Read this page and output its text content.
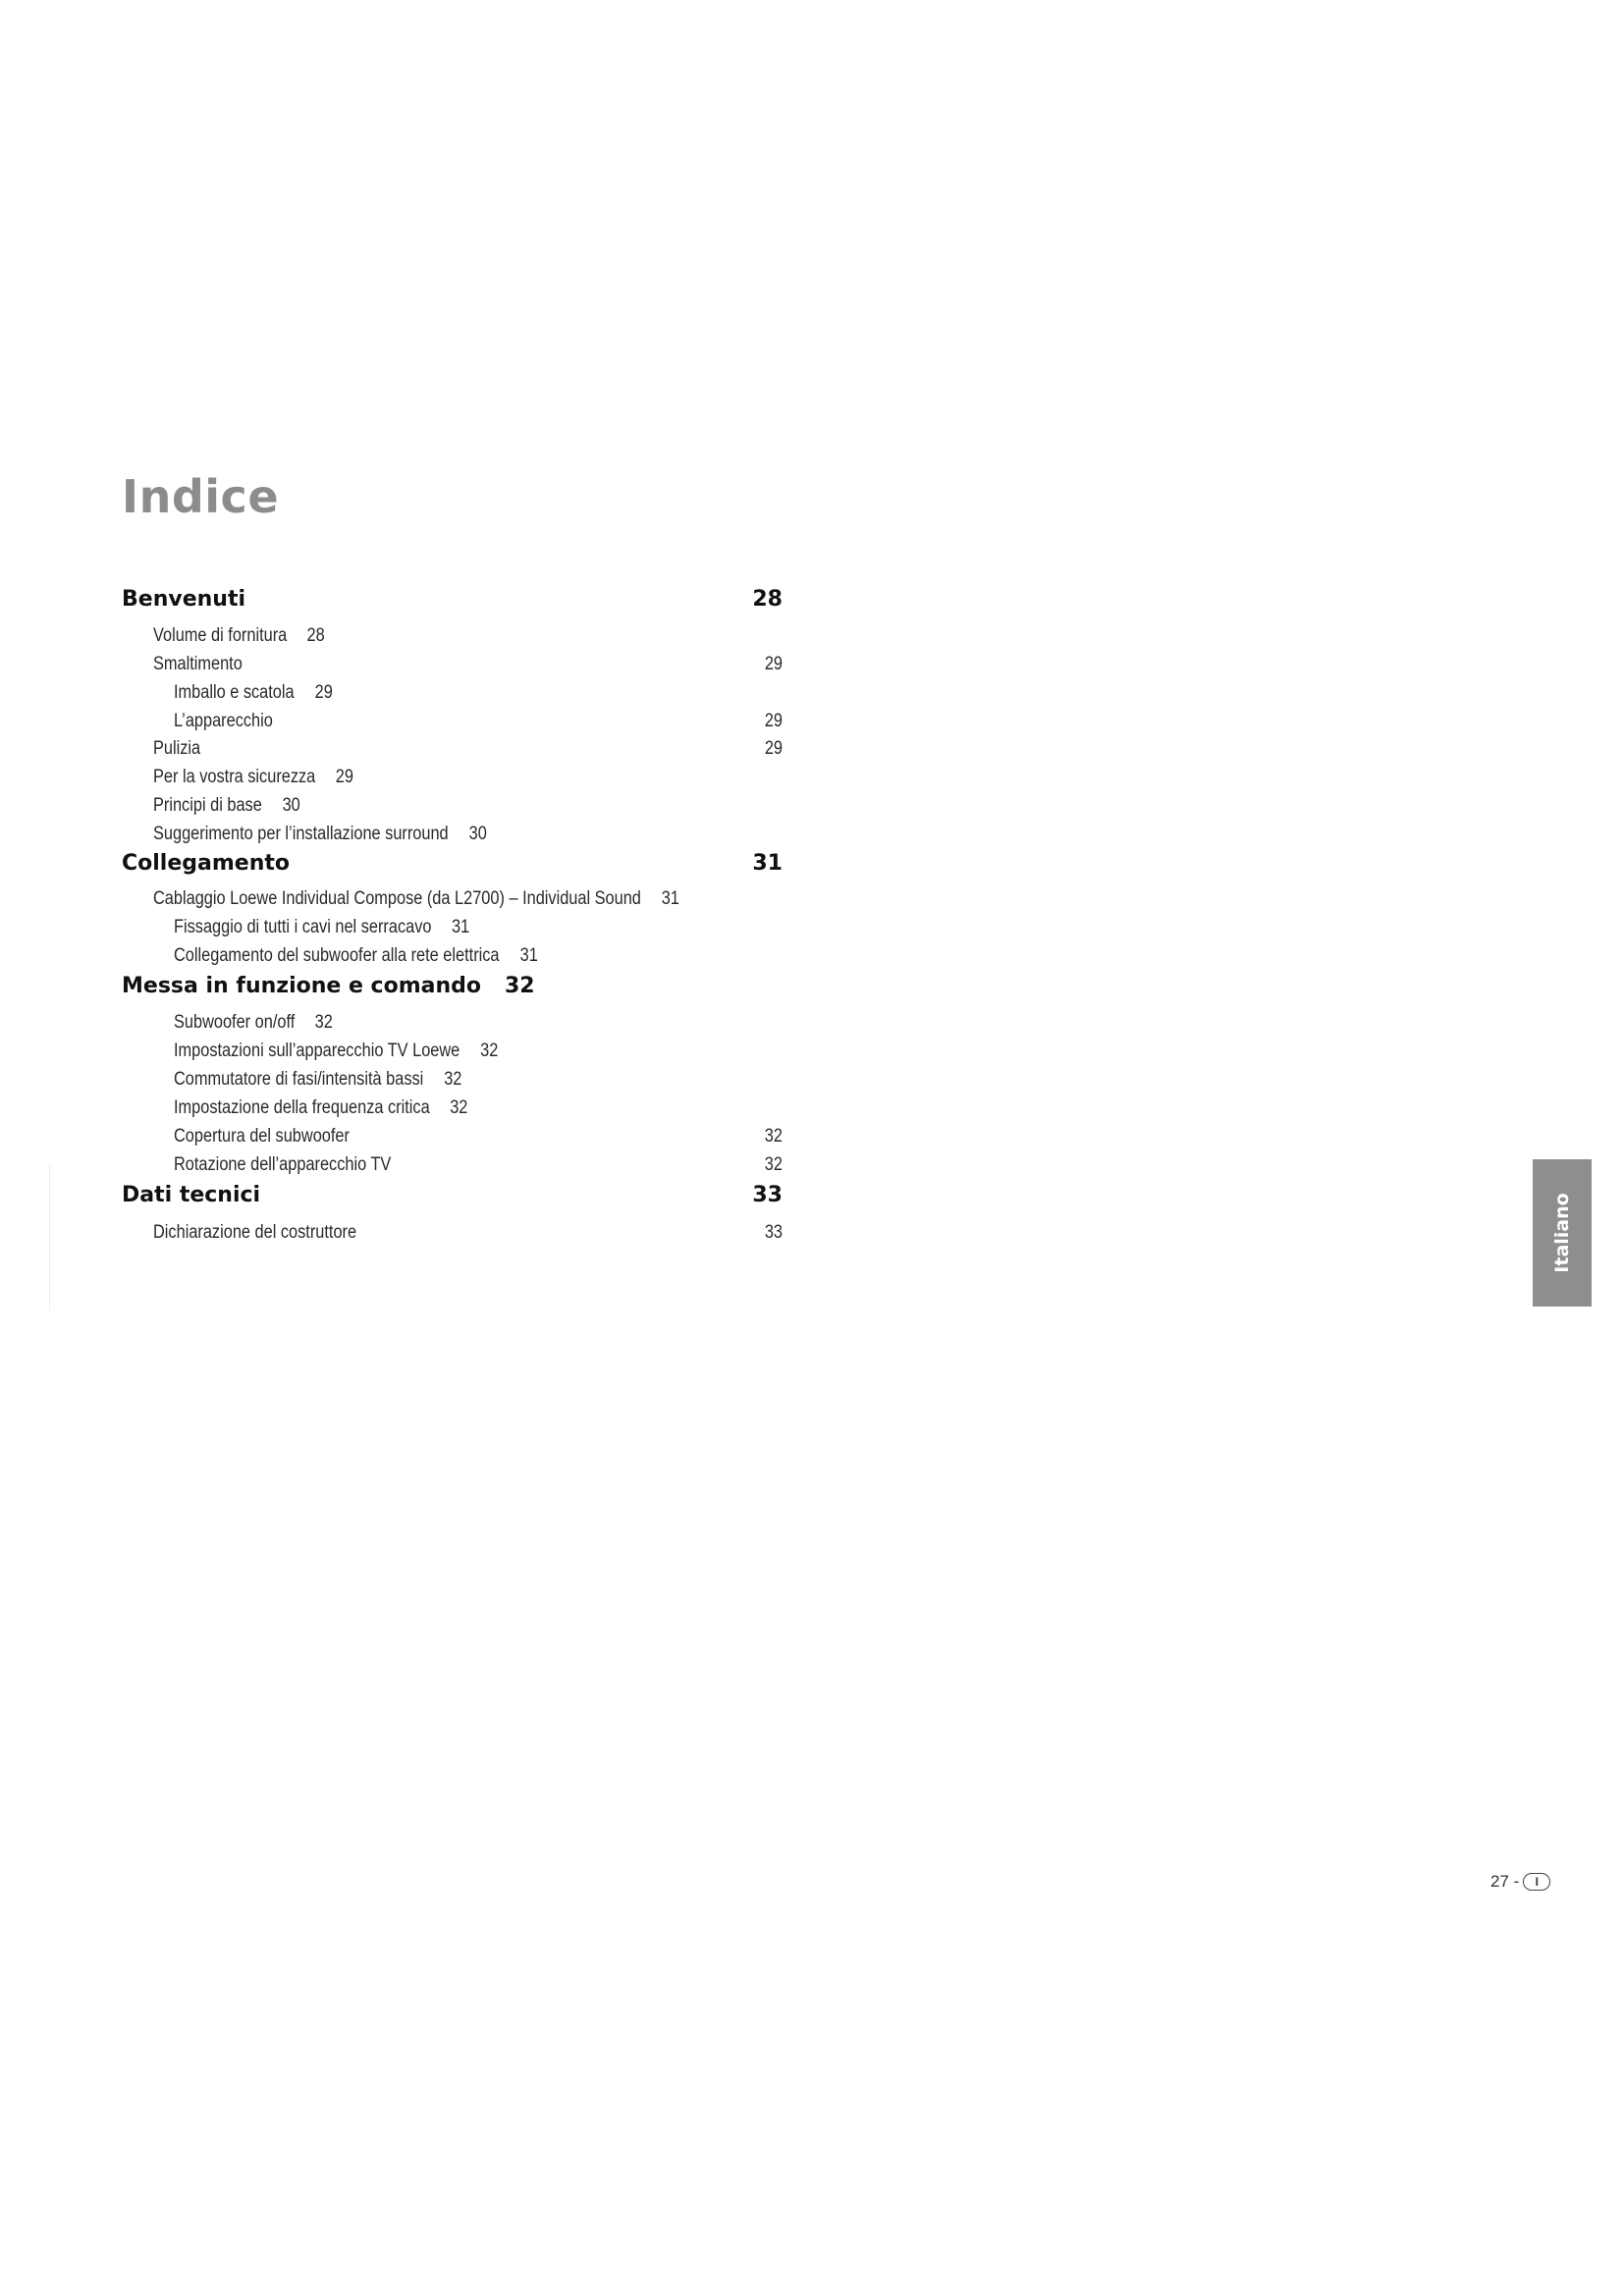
Indice
Benvenuti	28
Volume di fornitura 28
Smaltimento	29
Imballo e scatola 29
L’apparecchio	29
Pulizia	29
Per la vostra sicurezza 29
Principi di base 30
Suggerimento per l’installazione surround 30
Collegamento	31
Cablaggio Loewe Individual Compose (da L2700) – Individual Sound 31
Fissaggio di tutti i cavi nel serracavo 31
Collegamento del subwoofer alla rete elettrica 31
Messa in funzione e comando 32
Subwoofer on/off 32
Impostazioni sull’apparecchio TV Loewe 32
Commutatore di fasi/intensità bassi 32
Impostazione della frequenza critica 32
Copertura del subwoofer	32
Rotazione dell’apparecchio TV	32
Dati tecnici	33
Dichiarazione del costruttore	33	Italiano
27 -	I
